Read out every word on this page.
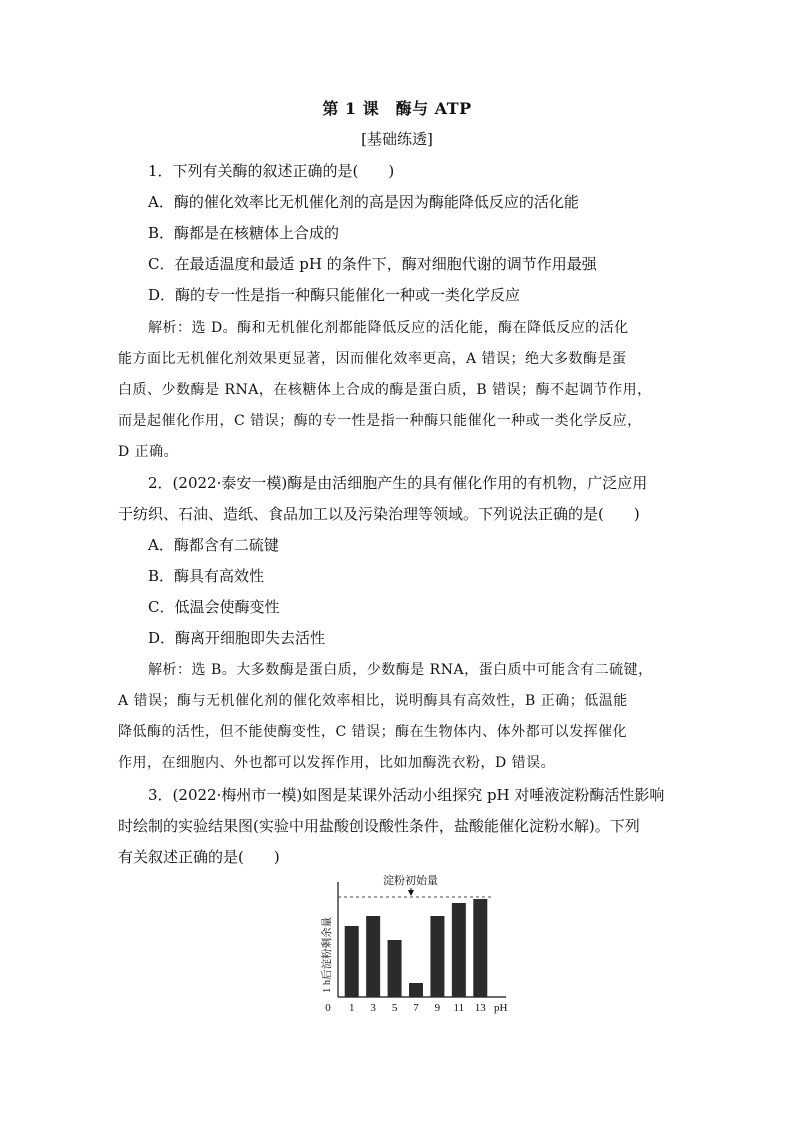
第 1 课　酶与 ATP
[基础练透]
1．下列有关酶的叙述正确的是(　　)
A．酶的催化效率比无机催化剂的高是因为酶能降低反应的活化能
B．酶都是在核糖体上合成的
C．在最适温度和最适 pH 的条件下，酶对细胞代谢的调节作用最强
D．酶的专一性是指一种酶只能催化一种或一类化学反应
解析：选 D。酶和无机催化剂都能降低反应的活化能，酶在降低反应的活化
能方面比无机催化剂效果更显著，因而催化效率更高，A 错误；绝大多数酶是蛋
白质、少数酶是 RNA，在核糖体上合成的酶是蛋白质，B 错误；酶不起调节作用，
而是起催化作用，C 错误；酶的专一性是指一种酶只能催化一种或一类化学反应，
D 正确。
2．(2022·泰安一模)酶是由活细胞产生的具有催化作用的有机物，广泛应用
于纺织、石油、造纸、食品加工以及污染治理等领域。下列说法正确的是(　　)
A．酶都含有二硫键
B．酶具有高效性
C．低温会使酶变性
D．酶离开细胞即失去活性
解析：选 B。大多数酶是蛋白质，少数酶是 RNA，蛋白质中可能含有二硫键，
A 错误；酶与无机催化剂的催化效率相比，说明酶具有高效性，B 正确；低温能
降低酶的活性，但不能使酶变性，C 错误；酶在生物体内、体外都可以发挥催化
作用，在细胞内、外也都可以发挥作用，比如加酶洗衣粉，D 错误。
3．(2022·梅州市一模)如图是某课外活动小组探究 pH 对唾液淀粉酶活性影响
时绘制的实验结果图(实验中用盐酸创设酸性条件，盐酸能催化淀粉水解)。下列
有关叙述正确的是(　　)
1 h后淀粉剩余量
淀粉初始量
1 3 5 7 9 11 13
0	pH
